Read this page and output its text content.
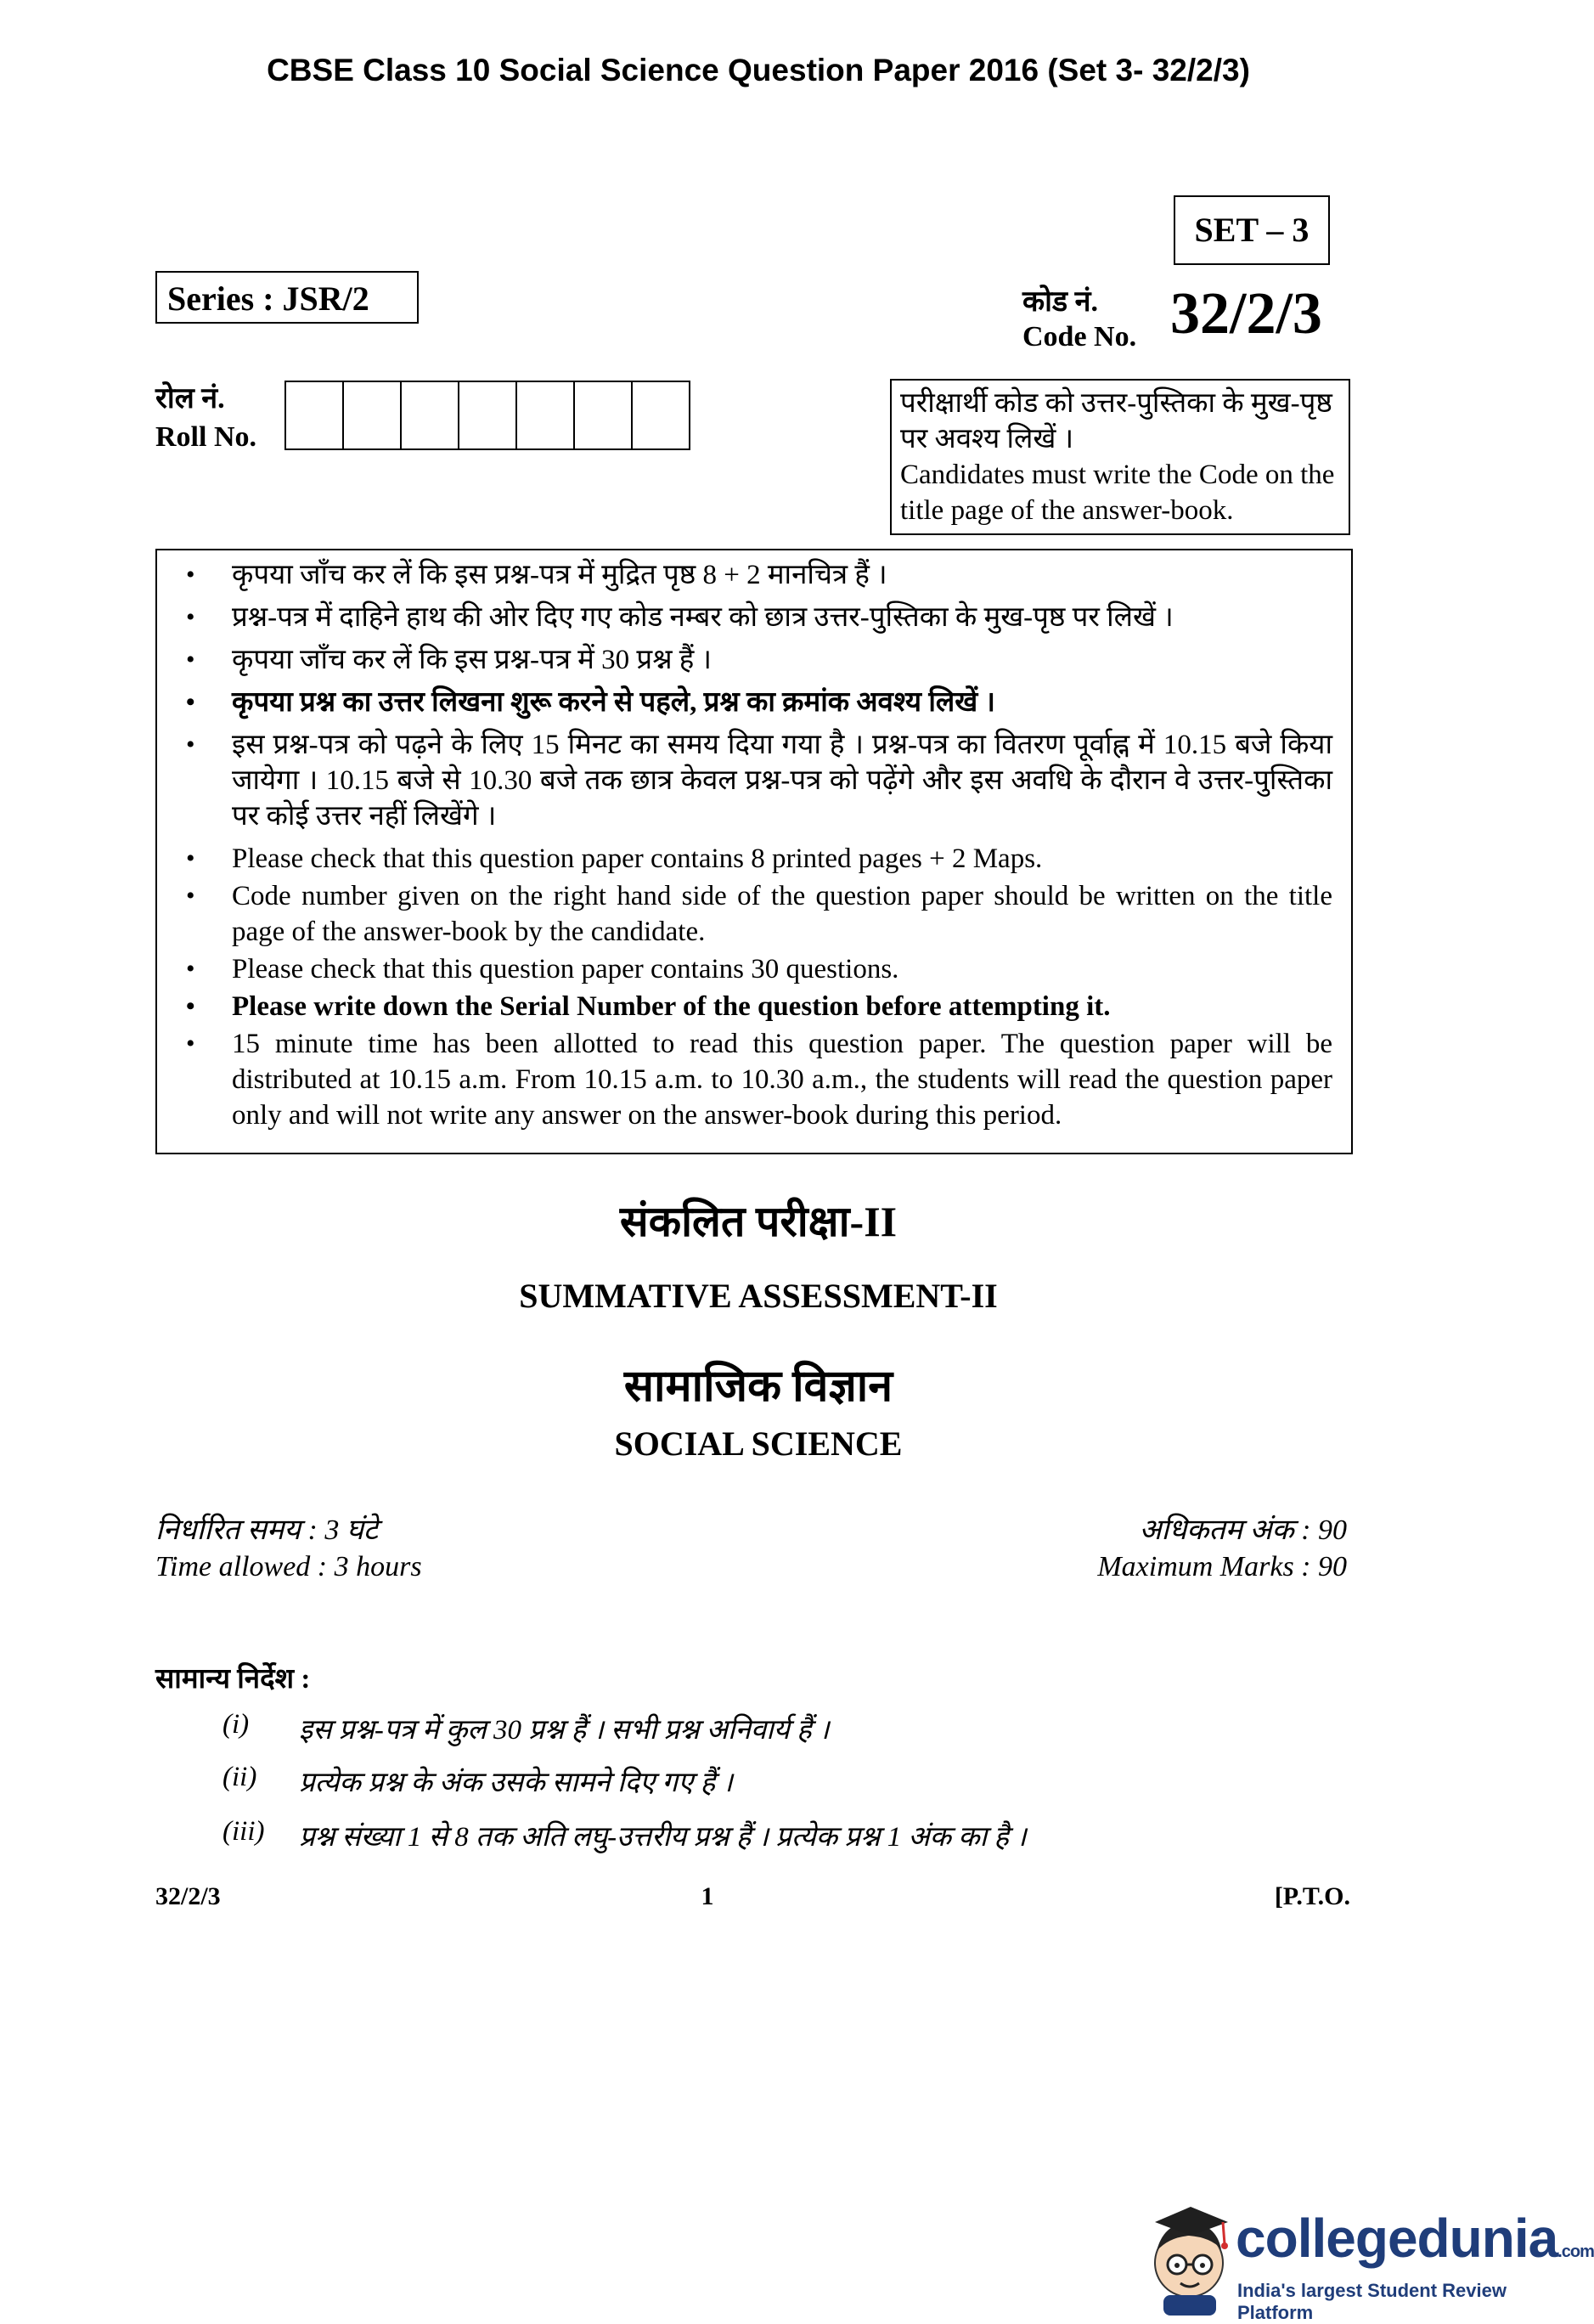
CBSE Class 10 Social Science Question Paper 2016 (Set 3- 32/2/3)
SET – 3
Series : JSR/2	कोड नं.
Code No. 32/2/3
रोल नं.
Roll No.
परीक्षार्थी कोड को उत्तर-पुस्तिका के मुख-पृष्ठ पर अवश्य लिखें ।
Candidates must write the Code on the title page of the answer-book.
• कृपया जाँच कर लें कि इस प्रश्न-पत्र में मुद्रित पृष्ठ 8 + 2 मानचित्र हैं ।
• प्रश्न-पत्र में दाहिने हाथ की ओर दिए गए कोड नम्बर को छात्र उत्तर-पुस्तिका के मुख-पृष्ठ पर लिखें ।
• कृपया जाँच कर लें कि इस प्रश्न-पत्र में 30 प्रश्न हैं ।
• कृपया प्रश्न का उत्तर लिखना शुरू करने से पहले, प्रश्न का क्रमांक अवश्य लिखें ।
• इस प्रश्न-पत्र को पढ़ने के लिए 15 मिनट का समय दिया गया है । प्रश्न-पत्र का वितरण पूर्वाह्न में 10.15 बजे किया जायेगा । 10.15 बजे से 10.30 बजे तक छात्र केवल प्रश्न-पत्र को पढ़ेंगे और इस अवधि के दौरान वे उत्तर-पुस्तिका पर कोई उत्तर नहीं लिखेंगे ।
• Please check that this question paper contains 8 printed pages + 2 Maps.
• Code number given on the right hand side of the question paper should be written on the title page of the answer-book by the candidate.
• Please check that this question paper contains 30 questions.
• Please write down the Serial Number of the question before attempting it.
• 15 minute time has been allotted to read this question paper. The question paper will be distributed at 10.15 a.m. From 10.15 a.m. to 10.30 a.m., the students will read the question paper only and will not write any answer on the answer-book during this period.
संकलित परीक्षा-II
SUMMATIVE ASSESSMENT-II
सामाजिक विज्ञान
SOCIAL SCIENCE
निर्धारित समय : 3 घंटे
Time allowed : 3 hours
अधिकतम अंक : 90
Maximum Marks : 90
सामान्य निर्देश :
(i)	इस प्रश्न-पत्र में कुल 30 प्रश्न हैं । सभी प्रश्न अनिवार्य हैं ।
(ii)	प्रत्येक प्रश्न के अंक उसके सामने दिए गए हैं ।
(iii)	प्रश्न संख्या 1 से 8 तक अति लघु-उत्तरीय प्रश्न हैं । प्रत्येक प्रश्न 1 अंक का है ।
32/2/3	1	[P.T.O.
collegedunia.com
India's largest Student Review Platform
